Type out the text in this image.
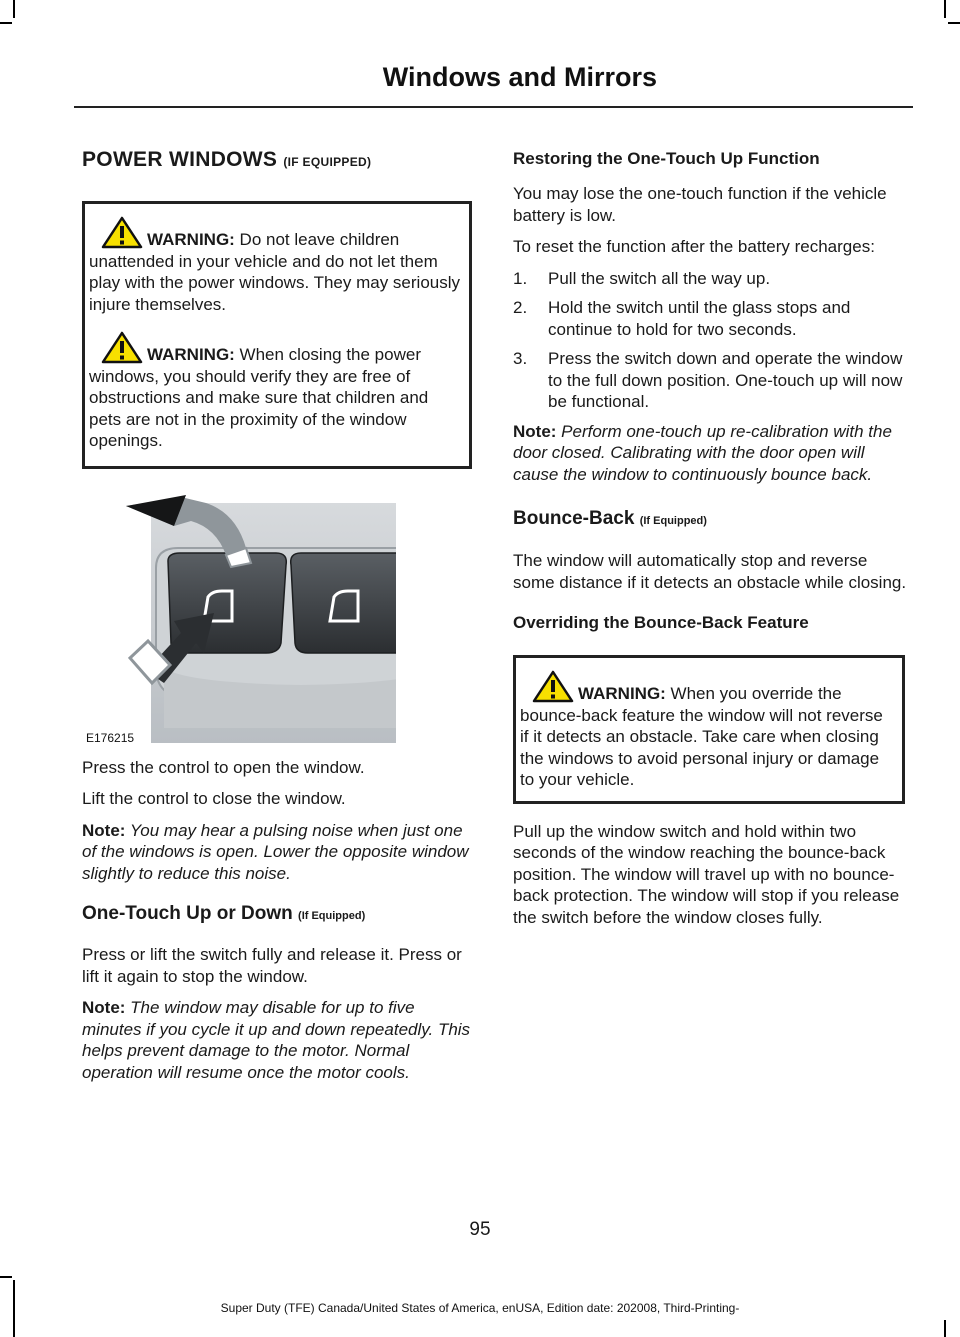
Windows and Mirrors
POWER WINDOWS (IF EQUIPPED)

WARNING: Do not leave children unattended in your vehicle and do not let them play with the power windows. They may seriously injure themselves.

WARNING: When closing the power windows, you should verify they are free of obstructions and make sure that children and pets are not in the proximity of the window openings.

E176215

Press the control to open the window.

Lift the control to close the window.

Note: You may hear a pulsing noise when just one of the windows is open. Lower the opposite window slightly to reduce this noise.

One-Touch Up or Down (If Equipped)

Press or lift the switch fully and release it. Press or lift it again to stop the window.

Note: The window may disable for up to five minutes if you cycle it up and down repeatedly. This helps prevent damage to the motor. Normal operation will resume once the motor cools.

Restoring the One-Touch Up Function

You may lose the one-touch function if the vehicle battery is low.

To reset the function after the battery recharges:

1. Pull the switch all the way up.
2. Hold the switch until the glass stops and continue to hold for two seconds.
3. Press the switch down and operate the window to the full down position. One-touch up will now be functional.

Note: Perform one-touch up re-calibration with the door closed. Calibrating with the door open will cause the window to continuously bounce back.

Bounce-Back (If Equipped)

The window will automatically stop and reverse some distance if it detects an obstacle while closing.

Overriding the Bounce-Back Feature

WARNING: When you override the bounce-back feature the window will not reverse if it detects an obstacle. Take care when closing the windows to avoid personal injury or damage to your vehicle.

Pull up the window switch and hold within two seconds of the window reaching the bounce-back position. The window will travel up with no bounce-back protection. The window will stop if you release the switch before the window closes fully.

95
Super Duty (TFE) Canada/United States of America, enUSA, Edition date: 202008, Third-Printing-
